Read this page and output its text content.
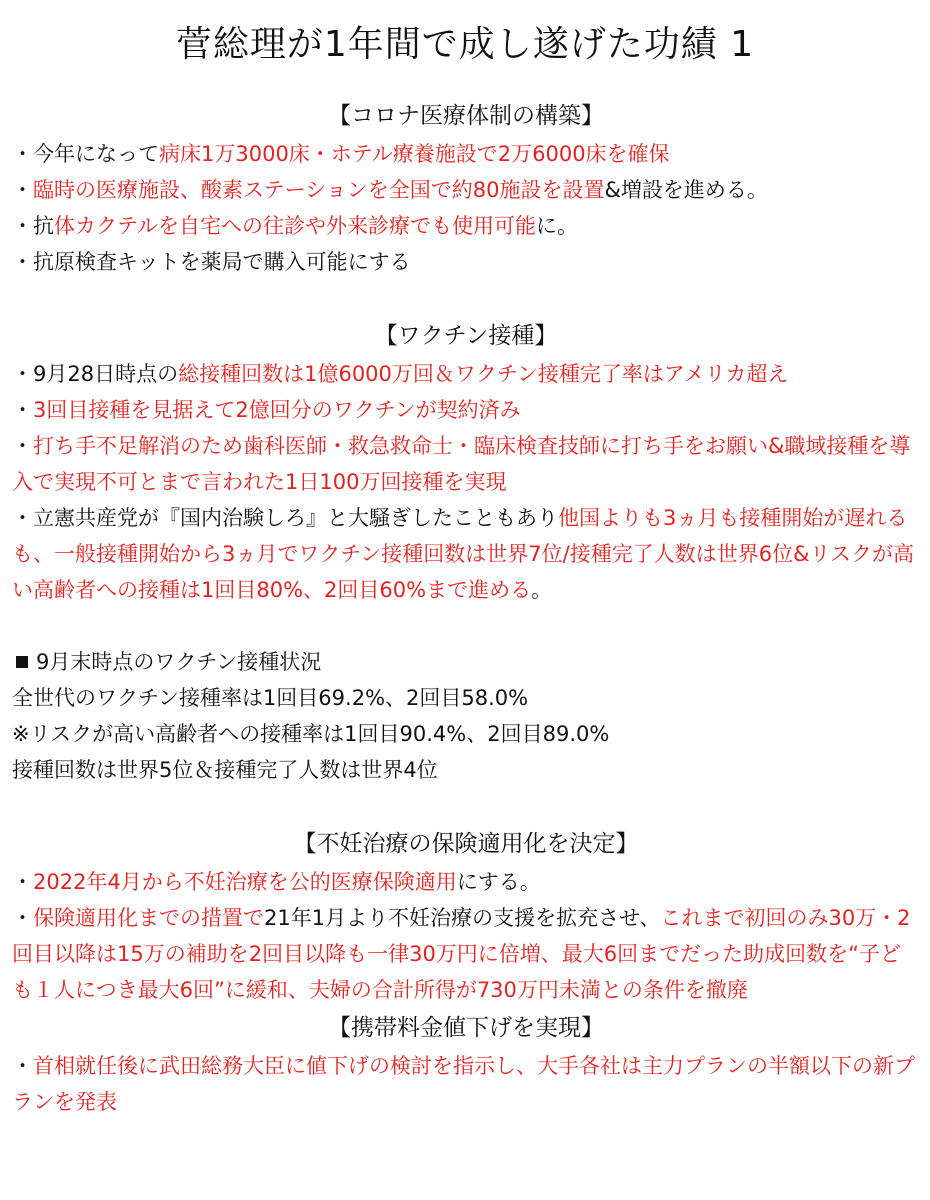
菅総理が1年間で成し遂げた功績 1
【コロナ医療体制の構築】

・今年になって病床1万3000床・ホテル療養施設で2万6000床を確保

・臨時の医療施設、酸素ステーションを全国で約80施設を設置&増設を進める。

・抗体カクテルを自宅への往診や外来診療でも使用可能に。

・抗原検査キットを薬局で購入可能にする

【ワクチン接種】

・9月28日時点の総接種回数は1億6000万回＆ワクチン接種完了率はアメリカ超え

・3回目接種を見据えて2億回分のワクチンが契約済み

・打ち手不足解消のため歯科医師・救急救命士・臨床検査技師に打ち手をお願い&職域接種を導入で実現不可とまで言われた1日100万回接種を実現

・立憲共産党が『国内治験しろ』と大騒ぎしたこともあり他国よりも3ヵ月も接種開始が遅れるも、一般接種開始から3ヵ月でワクチン接種回数は世界7位/接種完了人数は世界6位&リスクが高い高齢者への接種は1回目80%、2回目60%まで進める。

9月末時点のワクチン接種状況

全世代のワクチン接種率は1回目69.2%、2回目58.0%

※リスクが高い高齢者への接種率は1回目90.4%、2回目89.0%

接種回数は世界5位＆接種完了人数は世界4位

【不妊治療の保険適用化を決定】

・2022年4月から不妊治療を公的医療保険適用にする。

・保険適用化までの措置で21年1月より不妊治療の支援を拡充させ、これまで初回のみ30万・2回目以降は15万の補助を2回目以降も一律30万円に倍増、最大6回までだった助成回数を“子ども１人につき最大6回”に緩和、夫婦の合計所得が730万円未満との条件を撤廃

【携帯料金値下げを実現】

・首相就任後に武田総務大臣に値下げの検討を指示し、大手各社は主力プランの半額以下の新プランを発表
